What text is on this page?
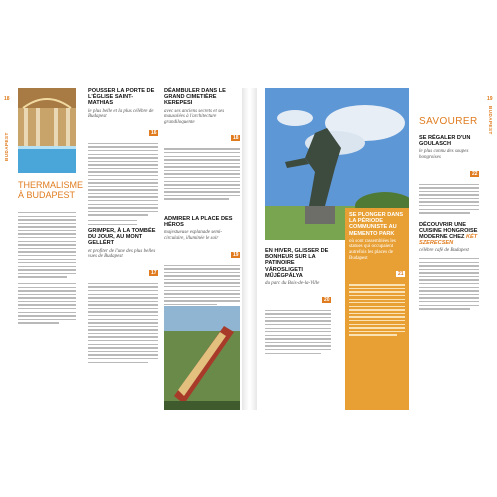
18
BUDAPEST
THERMALISME
À BUDAPEST
POUSSER LA PORTE DE L'ÉGLISE SAINT-MATHIAS
le plus belle et la plus célèbre de Budapest
16
GRIMPER, À LA TOMBÉE DU JOUR, AU MONT GELLÉRT
et profiter de l'une des plus belles vues de Budapest
17
DÉAMBULER DANS LE GRAND CIMETIÈRE KEREPESI
avec ses anciens secrets et ses mausolées à l'architecture grandiloquente
18
ADMIRER LA PLACE DES HÉROS
majestueuse esplanade semi-circulaire, illuminée le soir
19
EN HIVER, GLISSER DE BONHEUR SUR LA PATINOIRE VÁROSLIGETI MŰJÉGPÁLYA
du parc du Bois-de-la-Ville
20
SE PLONGER DANS LA PÉRIODE COMMUNISTE AU MEMENTO PARK
où sont rassemblées les statues qui occupaient autrefois les places de Budapest
21
SAVOURER
SE RÉGALER D'UN GOULASCH
le plus connu des soupes hongroises
22
DÉCOUVRIR UNE CUISINE HONGROISE MODERNE CHEZ KÉT SZERECSEN
célèbre café de Budapest
19
BUDAPEST
